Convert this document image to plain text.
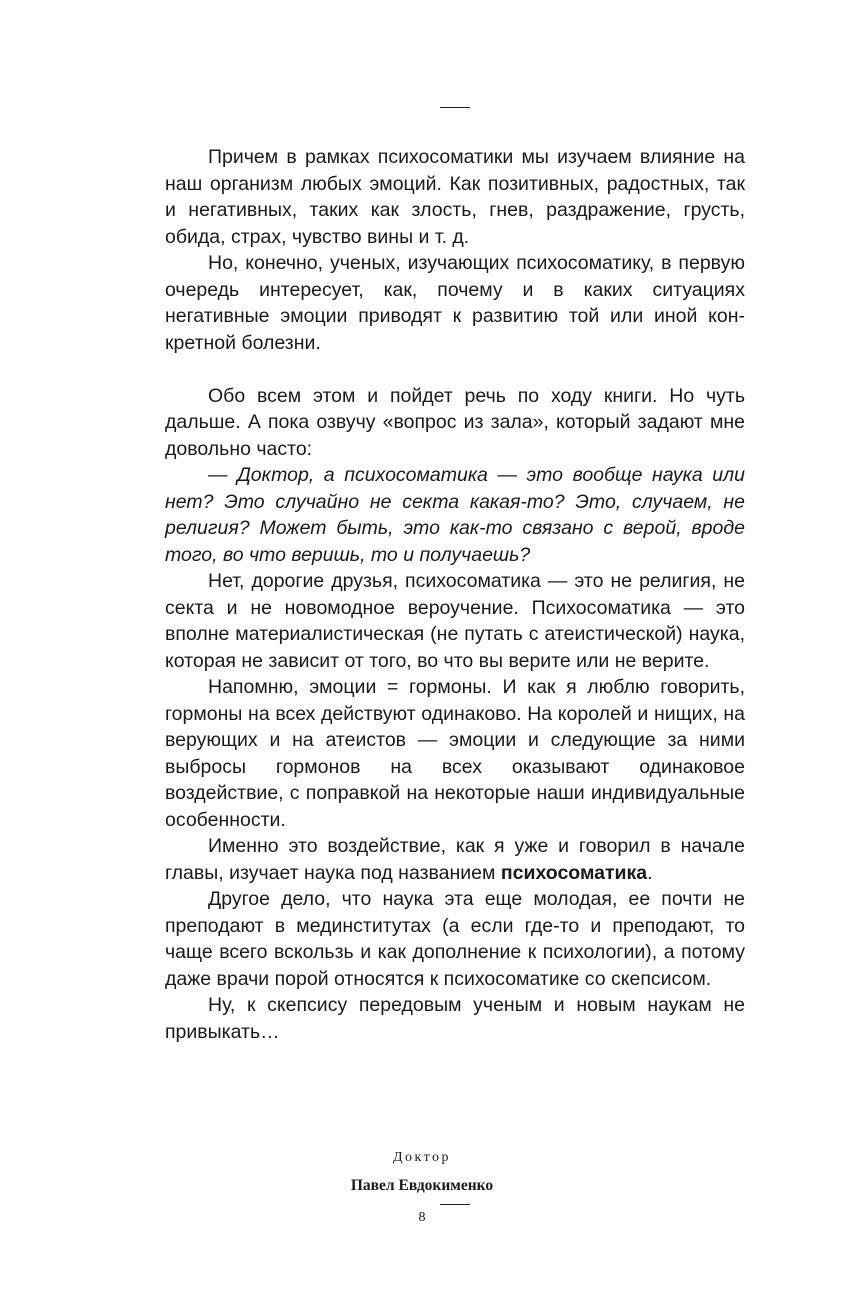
Причем в рамках психосоматики мы изучаем влияние на наш организм любых эмоций. Как позитивных, радостных, так и негативных, таких как злость, гнев, раздражение, грусть, обида, страх, чувство вины и т. д.

Но, конечно, ученых, изучающих психосоматику, в первую очередь интересует, как, почему и в каких ситуациях негативные эмоции приводят к развитию той или иной конкретной болезни.

Обо всем этом и пойдет речь по ходу книги. Но чуть дальше. А пока озвучу «вопрос из зала», который задают мне довольно часто:

— Доктор, а психосоматика — это вообще наука или нет? Это случайно не секта какая-то? Это, случаем, не религия? Может быть, это как-то связано с верой, вроде того, во что веришь, то и получаешь?

Нет, дорогие друзья, психосоматика — это не религия, не секта и не новомодное вероучение. Психосоматика — это вполне материалистическая (не путать с атеистической) наука, которая не зависит от того, во что вы верите или не верите.

Напомню, эмоции = гормоны. И как я люблю говорить, гормоны на всех действуют одинаково. На королей и нищих, на верующих и на атеистов — эмоции и следующие за ними выбросы гормонов на всех оказывают одинаковое воздействие, с поправкой на некоторые наши индивидуальные особенности.

Именно это воздействие, как я уже и говорил в начале главы, изучает наука под названием психосоматика.

Другое дело, что наука эта еще молодая, ее почти не преподают в мединститутах (а если где-то и преподают, то чаще всего вскользь и как дополнение к психологии), а потому даже врачи порой относятся к психосоматике со скепсисом.

Ну, к скепсису передовым ученым и новым наукам не привыкать…

Доктор
Павел Евдокименко
8
